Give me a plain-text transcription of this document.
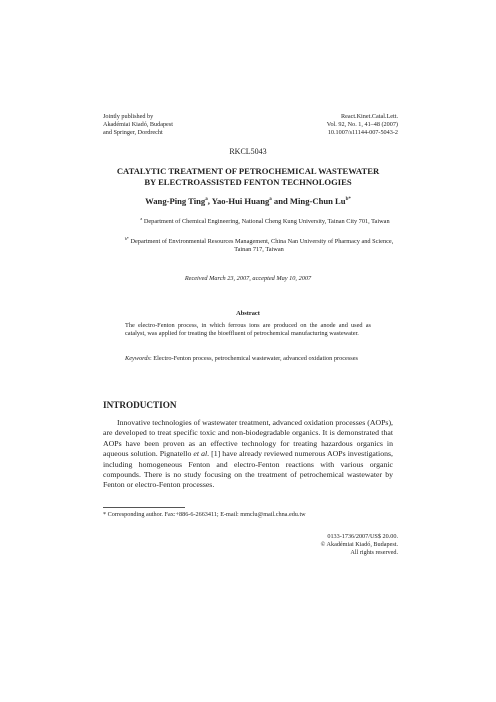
Jointly published by
Akadémiai Kiadó, Budapest
and Springer, Dordrecht
React.Kinet.Catal.Lett.
Vol. 92, No. 1, 41–48 (2007)
10.1007/s11144-007-5043-2
RKCL5043
CATALYTIC TREATMENT OF PETROCHEMICAL WASTEWATER
BY ELECTROASSISTED FENTON TECHNOLOGIES
Wang-Ping Ting$^a$, Yao-Hui Huang$^a$ and Ming-Chun $Lu^{b*}$
$^a$ Department of Chemical Engineering, National Cheng Kung University, Tainan City 701, Taiwan
$^{b*}$ Department of Environmental Resources Management, China Nan University of Pharmacy and Science, Tainan 717, Taiwan
Received March 23, 2007, accepted May 10, 2007
Abstract
The electro-Fenton process, in which ferrous ions are produced on the anode and used as catalyst, was applied for treating the bioeffluent of petrochemical manufacturing wastewater.
Keywords: Electro-Fenton process, petrochemical wastewater, advanced oxidation processes
INTRODUCTION
Innovative technologies of wastewater treatment, advanced oxidation processes (AOPs), are developed to treat specific toxic and non-biodegradable organics. It is demonstrated that AOPs have been proven as an effective technology for treating hazardous organics in aqueous solution. Pignatello et al. [1] have already reviewed numerous AOPs investigations, including homogeneous Fenton and electro-Fenton reactions with various organic compounds. There is no study focusing on the treatment of petrochemical wastewater by Fenton or electro-Fenton processes.
* Corresponding author. Fax:+886-6-2663411; E-mail: mmclu@mail.chna.edu.tw
0133-1736/2007/US$ 20.00.
© Akadémiai Kiadó, Budapest.
All rights reserved.
